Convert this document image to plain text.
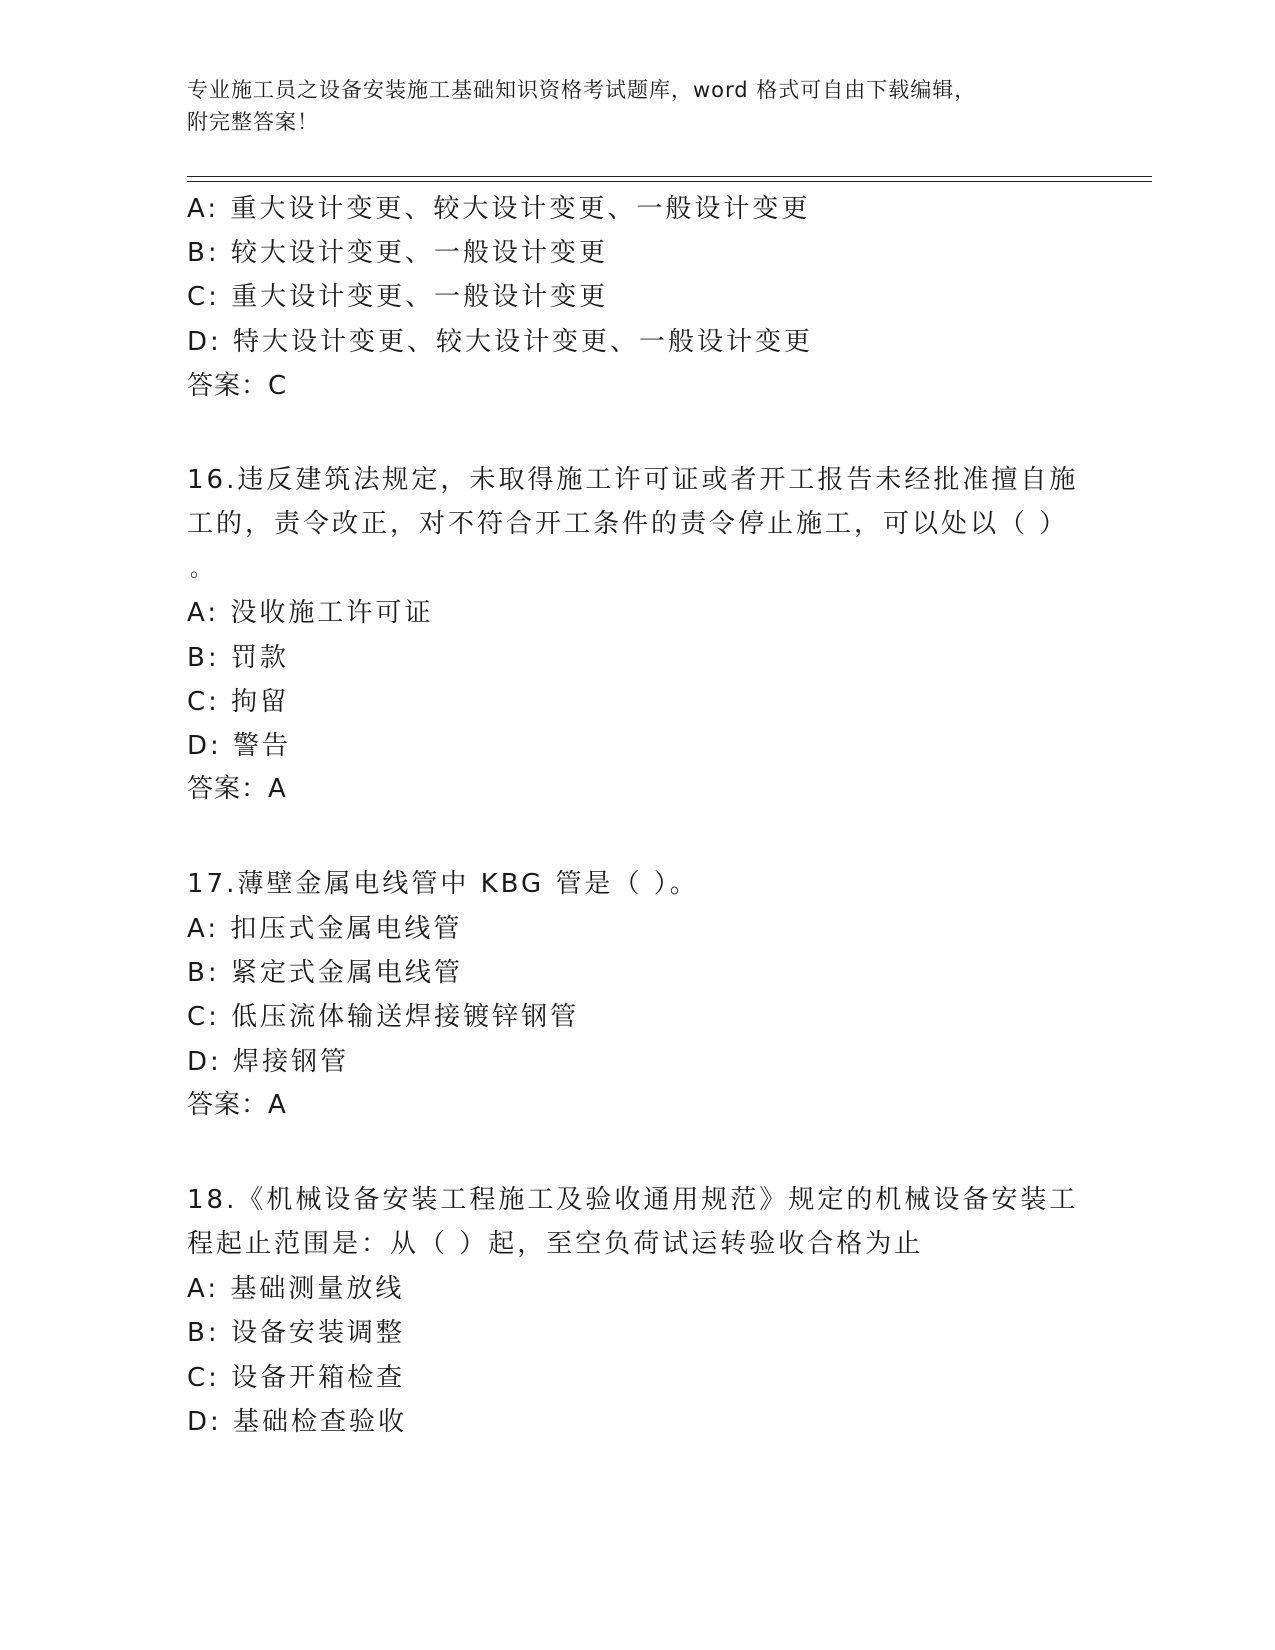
专业施工员之设备安装施工基础知识资格考试题库，word 格式可自由下载编辑，
附完整答案！
A: 重大设计变更、较大设计变更、一般设计变更
B: 较大设计变更、一般设计变更
C: 重大设计变更、一般设计变更
D: 特大设计变更、较大设计变更、一般设计变更
答案：C
16.违反建筑法规定，未取得施工许可证或者开工报告未经批准擅自施
工的，责令改正，对不符合开工条件的责令停止施工，可以处以（ ）
。
A: 没收施工许可证
B: 罚款
C: 拘留
D: 警告
答案：A
17.薄壁金属电线管中 KBG 管是（ ）。
A: 扣压式金属电线管
B: 紧定式金属电线管
C: 低压流体输送焊接镀锌钢管
D: 焊接钢管
答案：A
18.《机械设备安装工程施工及验收通用规范》规定的机械设备安装工
程起止范围是：从（ ）起，至空负荷试运转验收合格为止
A: 基础测量放线
B: 设备安装调整
C: 设备开箱检查
D: 基础检查验收
